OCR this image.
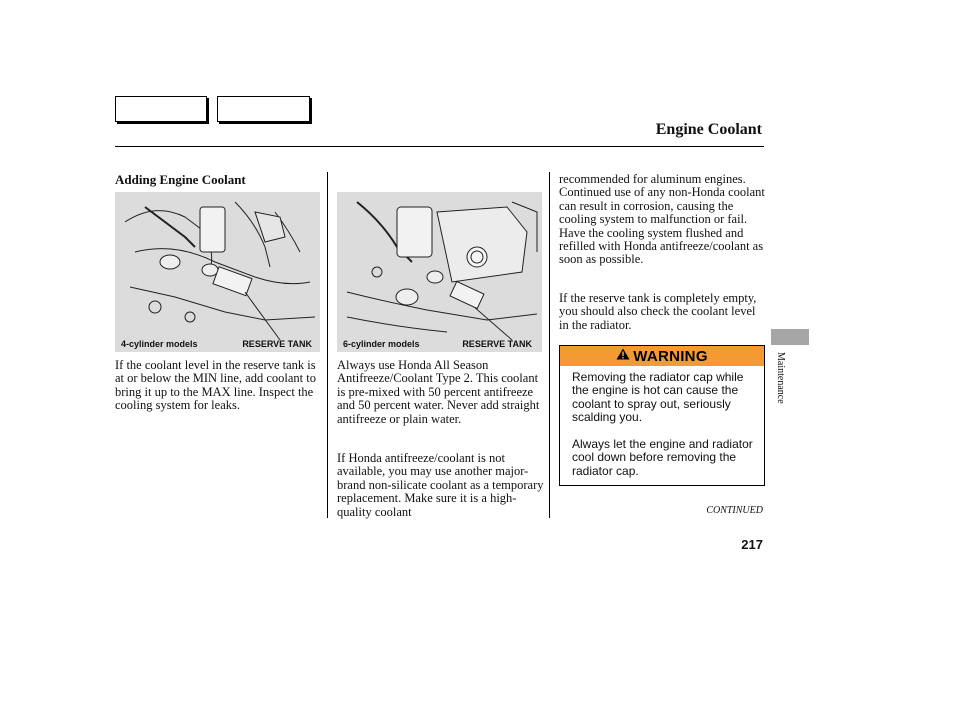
Engine Coolant
Adding Engine Coolant
4-cylinder models	RESERVE TANK	6-cylinder models	RESERVE TANK

If the coolant level in the reserve tank is at or below the MIN line, add coolant to bring it up to the MAX line. Inspect the cooling system for leaks.

Always use Honda All Season Antifreeze/Coolant Type 2. This coolant is pre-mixed with 50 percent antifreeze and 50 percent water. Never add straight antifreeze or plain water.

If Honda antifreeze/coolant is not available, you may use another major-brand non-silicate coolant as a temporary replacement. Make sure it is a high-quality coolant

recommended for aluminum engines. Continued use of any non-Honda coolant can result in corrosion, causing the cooling system to malfunction or fail. Have the cooling system flushed and refilled with Honda antifreeze/coolant as soon as possible.

If the reserve tank is completely empty, you should also check the coolant level in the radiator.

WARNING

Removing the radiator cap while the engine is hot can cause the coolant to spray out, seriously scalding you.

Always let the engine and radiator cool down before removing the radiator cap.

Maintenance
CONTINUED
217
